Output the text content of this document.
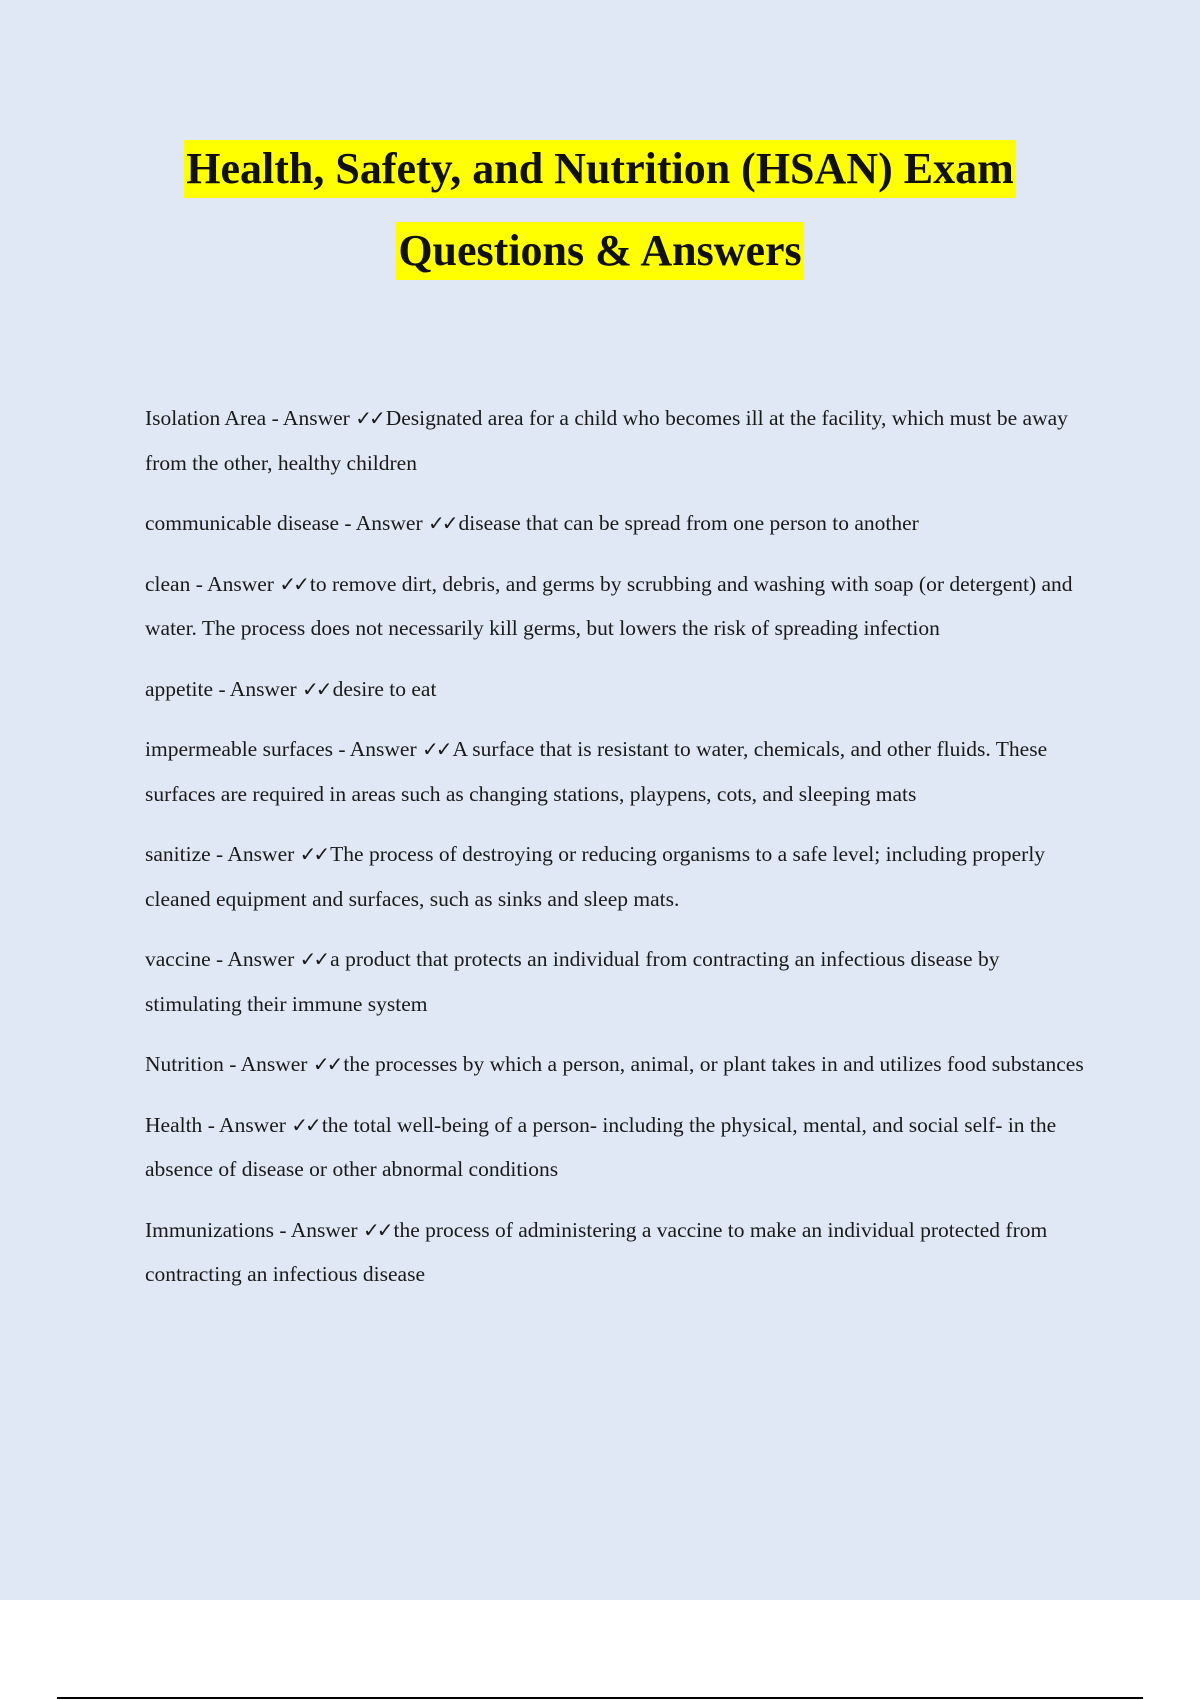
Health, Safety, and Nutrition (HSAN) Exam
Questions & Answers

Isolation Area - Answer ✓✓ Designated area for a child who becomes ill at the facility, which must be away from the other, healthy children

communicable disease - Answer ✓✓ disease that can be spread from one person to another

clean - Answer ✓✓ to remove dirt, debris, and germs by scrubbing and washing with soap (or detergent) and water. The process does not necessarily kill germs, but lowers the risk of spreading infection

appetite - Answer ✓✓ desire to eat

impermeable surfaces - Answer ✓✓ A surface that is resistant to water, chemicals, and other fluids. These surfaces are required in areas such as changing stations, playpens, cots, and sleeping mats

sanitize - Answer ✓✓ The process of destroying or reducing organisms to a safe level; including properly cleaned equipment and surfaces, such as sinks and sleep mats.

vaccine - Answer ✓✓ a product that protects an individual from contracting an infectious disease by stimulating their immune system

Nutrition - Answer ✓✓ the processes by which a person, animal, or plant takes in and utilizes food substances

Health - Answer ✓✓ the total well-being of a person- including the physical, mental, and social self- in the absence of disease or other abnormal conditions

Immunizations - Answer ✓✓ the process of administering a vaccine to make an individual protected from contracting an infectious disease
